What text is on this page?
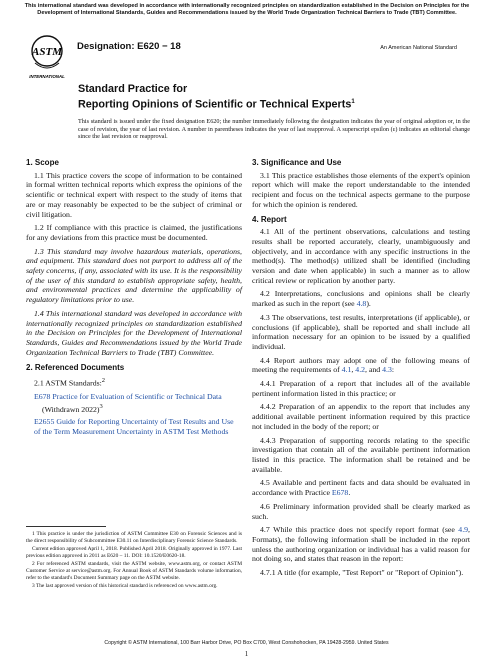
This international standard was developed in accordance with internationally recognized principles on standardization established in the Decision on Principles for the Development of International Standards, Guides and Recommendations issued by the World Trade Organization Technical Barriers to Trade (TBT) Committee.
ASTM
INTERNATIONAL
Designation: E620 − 18	An American National Standard
Standard Practice for
Reporting Opinions of Scientific or Technical Experts$^1$
This standard is issued under the fixed designation E620; the number immediately following the designation indicates the year of original adoption or, in the case of revision, the year of last revision. A number in parentheses indicates the year of last reapproval. A superscript epsilon (ε) indicates an editorial change since the last revision or reapproval.
1. Scope

1.1 This practice covers the scope of information to be contained in formal written technical reports which express the opinions of the scientific or technical expert with respect to the study of items that are or may reasonably be expected to be the subject of criminal or civil litigation.

1.2 If compliance with this practice is claimed, the justifications for any deviations from this practice must be documented.

1.3 This standard may involve hazardous materials, operations, and equipment. This standard does not purport to address all of the safety concerns, if any, associated with its use. It is the responsibility of the user of this standard to establish appropriate safety, health, and environmental practices and determine the applicability of regulatory limitations prior to use.

1.4 This international standard was developed in accordance with internationally recognized principles on standardization established in the Decision on Principles for the Development of International Standards, Guides and Recommendations issued by the World Trade Organization Technical Barriers to Trade (TBT) Committee.

2. Referenced Documents

2.1 ASTM Standards:$^2$

E678 Practice for Evaluation of Scientific or Technical Data
(Withdrawn 2022)$^3$
E2655 Guide for Reporting Uncertainty of Test Results and Use of the Term Measurement Uncertainty in ASTM Test Methods

1 This practice is under the jurisdiction of ASTM Committee E30 on Forensic Sciences and is the direct responsibility of Subcommittee E30.11 on Interdisciplinary Forensic Science Standards.

Current edition approved April 1, 2018. Published April 2018. Originally approved in 1977. Last previous edition approved in 2011 as E620 – 11. DOI: 10.1520/E0620-18.

2 For referenced ASTM standards, visit the ASTM website, www.astm.org, or contact ASTM Customer Service at service@astm.org. For Annual Book of ASTM Standards volume information, refer to the standard's Document Summary page on the ASTM website.

3 The last approved version of this historical standard is referenced on www.astm.org.

3. Significance and Use

3.1 This practice establishes those elements of the expert's opinion report which will make the report understandable to the intended recipient and focus on the technical aspects germane to the purpose for which the opinion is rendered.

4. Report

4.1 All of the pertinent observations, calculations and testing results shall be reported accurately, clearly, unambiguously and objectively, and in accordance with any specific instructions in the method(s). The method(s) utilized shall be identified (including version and date when applicable) in such a manner as to allow critical review or replication by another party.

4.2 Interpretations, conclusions and opinions shall be clearly marked as such in the report (see 4.8).

4.3 The observations, test results, interpretations (if applicable), or conclusions (if applicable), shall be reported and shall include all information necessary for an opinion to be issued by a qualified individual.

4.4 Report authors may adopt one of the following means of meeting the requirements of 4.1, 4.2, and 4.3:

4.4.1 Preparation of a report that includes all of the available pertinent information listed in this practice; or

4.4.2 Preparation of an appendix to the report that includes any additional available pertinent information required by this practice not included in the body of the report; or

4.4.3 Preparation of supporting records relating to the specific investigation that contain all of the available pertinent information listed in this practice. The information shall be retained and be available.

4.5 Available and pertinent facts and data should be evaluated in accordance with Practice E678.

4.6 Preliminary information provided shall be clearly marked as such.

4.7 While this practice does not specify report format (see 4.9, Formats), the following information shall be included in the report unless the authoring organization or individual has a valid reason for not doing so, and states that reason in the report:

4.7.1 A title (for example, "Test Report" or "Report of Opinion").

Copyright © ASTM International, 100 Barr Harbor Drive, PO Box C700, West Conshohocken, PA 19428-2959. United States
1
